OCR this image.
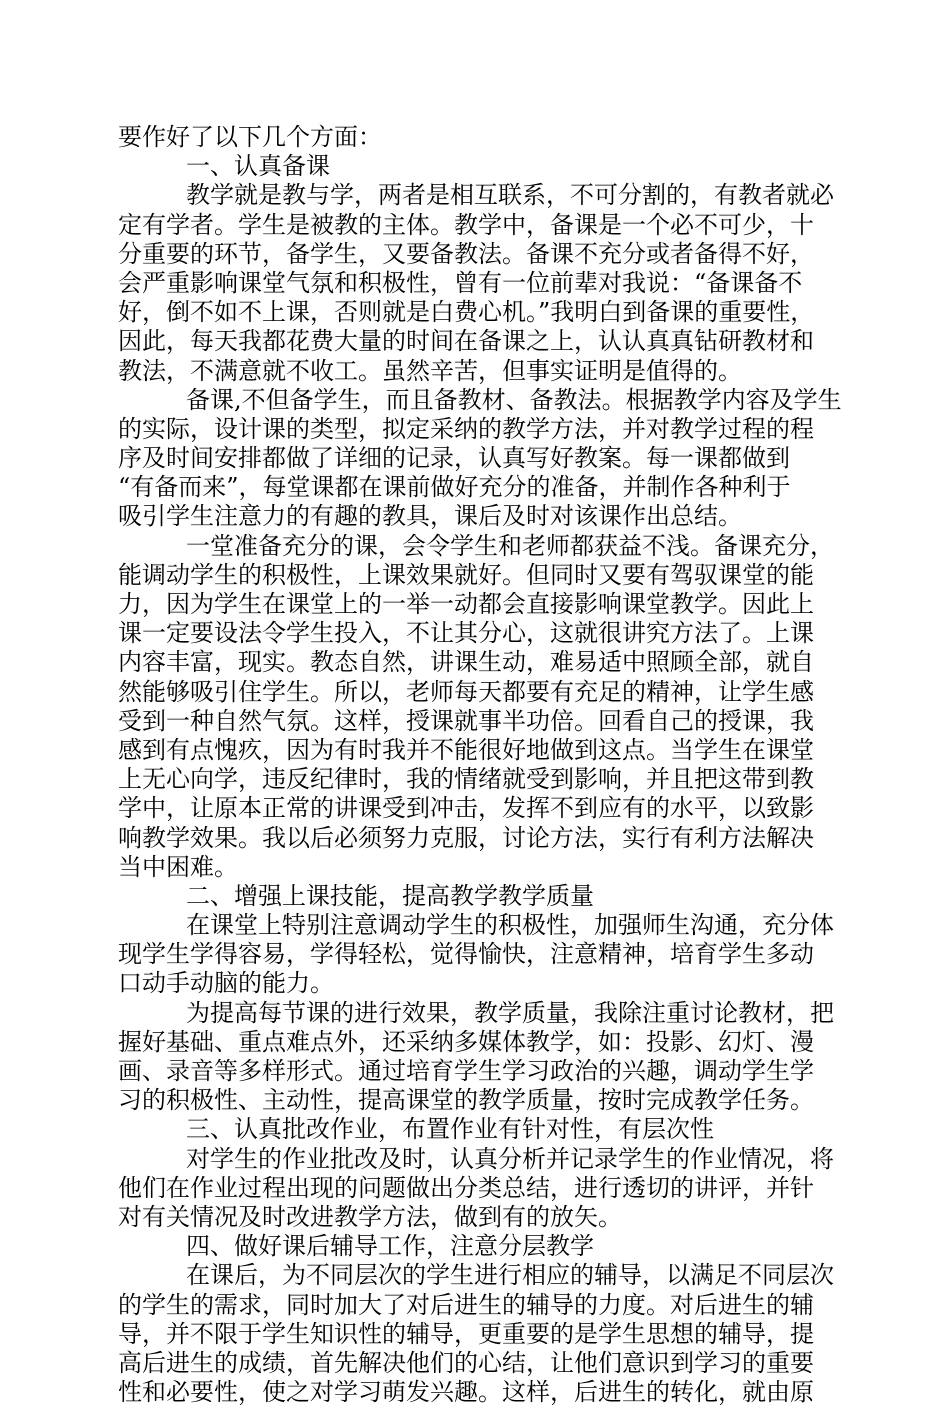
要作好了以下几个方面：
一、认真备课
教学就是教与学，两者是相互联系，不可分割的，有教者就必
定有学者。学生是被教的主体。教学中，备课是一个必不可少，十
分重要的环节，备学生，又要备教法。备课不充分或者备得不好，
会严重影响课堂气氛和积极性，曾有一位前辈对我说：“备课备不
好，倒不如不上课，否则就是白费心机。”我明白到备课的重要性，
因此，每天我都花费大量的时间在备课之上，认认真真钻研教材和
教法，不满意就不收工。虽然辛苦，但事实证明是值得的。
备课,不但备学生，而且备教材、备教法。根据教学内容及学生
的实际，设计课的类型，拟定采纳的教学方法，并对教学过程的程
序及时间安排都做了详细的记录，认真写好教案。每一课都做到
“有备而来”，每堂课都在课前做好充分的准备，并制作各种利于
吸引学生注意力的有趣的教具，课后及时对该课作出总结。
一堂准备充分的课，会令学生和老师都获益不浅。备课充分，
能调动学生的积极性，上课效果就好。但同时又要有驾驭课堂的能
力，因为学生在课堂上的一举一动都会直接影响课堂教学。因此上
课一定要设法令学生投入，不让其分心，这就很讲究方法了。上课
内容丰富，现实。教态自然，讲课生动，难易适中照顾全部，就自
然能够吸引住学生。所以，老师每天都要有充足的精神，让学生感
受到一种自然气氛。这样，授课就事半功倍。回看自己的授课，我
感到有点愧疚，因为有时我并不能很好地做到这点。当学生在课堂
上无心向学，违反纪律时，我的情绪就受到影响，并且把这带到教
学中，让原本正常的讲课受到冲击，发挥不到应有的水平，以致影
响教学效果。我以后必须努力克服，讨论方法，实行有利方法解决
当中困难。
二、增强上课技能，提高教学教学质量
在课堂上特别注意调动学生的积极性，加强师生沟通，充分体
现学生学得容易，学得轻松，觉得愉快，注意精神，培育学生多动
口动手动脑的能力。
为提高每节课的进行效果，教学质量，我除注重讨论教材，把
握好基础、重点难点外，还采纳多媒体教学，如：投影、幻灯、漫
画、录音等多样形式。通过培育学生学习政治的兴趣，调动学生学
习的积极性、主动性，提高课堂的教学质量，按时完成教学任务。
三、认真批改作业，布置作业有针对性，有层次性
对学生的作业批改及时，认真分析并记录学生的作业情况，将
他们在作业过程出现的问题做出分类总结，进行透切的讲评，并针
对有关情况及时改进教学方法，做到有的放矢。
四、做好课后辅导工作，注意分层教学
在课后，为不同层次的学生进行相应的辅导，以满足不同层次
的学生的需求，同时加大了对后进生的辅导的力度。对后进生的辅
导，并不限于学生知识性的辅导，更重要的是学生思想的辅导，提
高后进生的成绩，首先解决他们的心结，让他们意识到学习的重要
性和必要性，使之对学习萌发兴趣。这样，后进生的转化，就由原
